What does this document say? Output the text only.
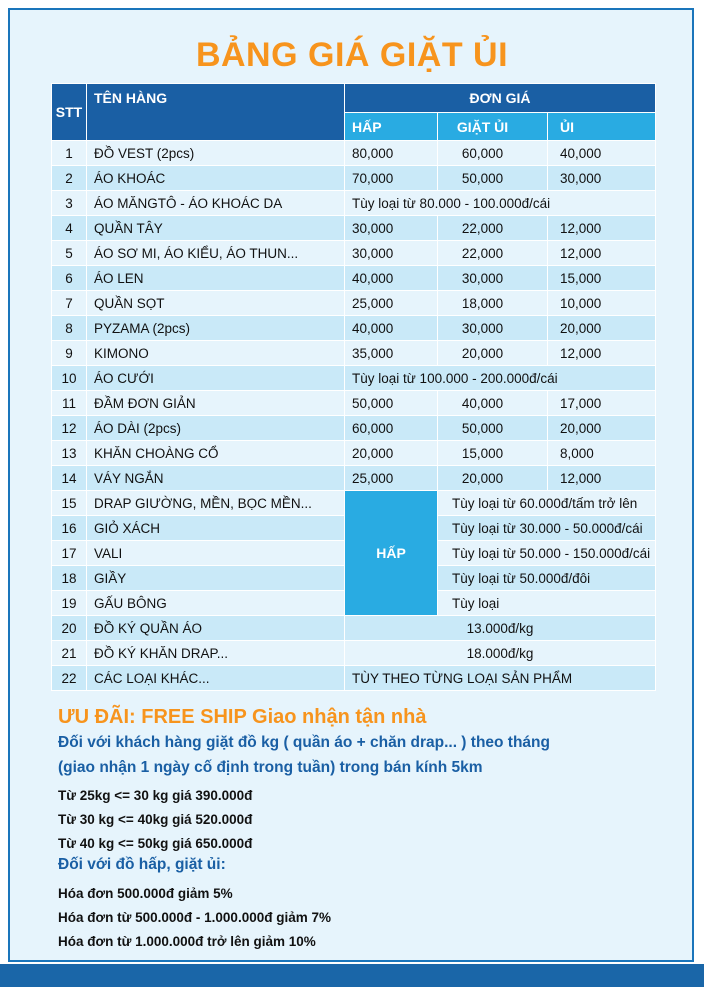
BẢNG GIÁ GIẶT ỦI
STT	TÊN HÀNG	ĐƠN GIÁ		
		HẤP	GIẶT ỦI	ỦI
1	ĐỒ VEST (2pcs)	80,000	60,000	40,000
2	ÁO KHOÁC	70,000	50,000	30,000
3	ÁO MĂNGTÔ - ÁO KHOÁC DA	Tùy loại từ 80.000 - 100.000đ/cái		
4	QUẦN TÂY	30,000	22,000	12,000
5	ÁO SƠ MI, ÁO KIỂU, ÁO THUN...	30,000	22,000	12,000
6	ÁO LEN	40,000	30,000	15,000
7	QUẦN SỌT	25,000	18,000	10,000
8	PYZAMA (2pcs)	40,000	30,000	20,000
9	KIMONO	35,000	20,000	12,000
10	ÁO CƯỚI	Tùy loại từ 100.000 - 200.000đ/cái		
11	ĐẦM ĐƠN GIẢN	50,000	40,000	17,000
12	ÁO DÀI (2pcs)	60,000	50,000	20,000
13	KHĂN CHOÀNG CỔ	20,000	15,000	8,000
14	VÁY NGẮN	25,000	20,000	12,000
15	DRAP GIƯỜNG, MỀN, BỌC MỀN...	HẤP	Tùy loại từ 60.000đ/tấm trở lên	
16	GIỎ XÁCH		Tùy loại từ 30.000 - 50.000đ/cái	
17	VALI		Tùy loại từ 50.000 - 150.000đ/cái	
18	GIẦY		Tùy loại từ 50.000đ/đôi	
19	GẤU BÔNG		Tùy loại	
20	ĐỒ KÝ QUẦN ÁO	13.000đ/kg		
21	ĐỒ KÝ KHĂN DRAP...	18.000đ/kg		
22	CÁC LOẠI KHÁC...	TÙY THEO TỪNG LOẠI SẢN PHẨM		
ƯU ĐÃI: FREE SHIP Giao nhận tận nhà
Đối với khách hàng giặt đồ kg ( quần áo + chăn drap... ) theo tháng
(giao nhận 1 ngày cố định trong tuần) trong bán kính 5km
Từ 25kg <= 30 kg giá 390.000đ
Từ 30 kg <= 40kg giá 520.000đ
Từ 40 kg <= 50kg giá 650.000đ
Đối với đồ hấp, giặt ủi:
Hóa đơn 500.000đ giảm 5%
Hóa đơn từ 500.000đ - 1.000.000đ giảm 7%
Hóa đơn từ 1.000.000đ trở lên giảm 10%
